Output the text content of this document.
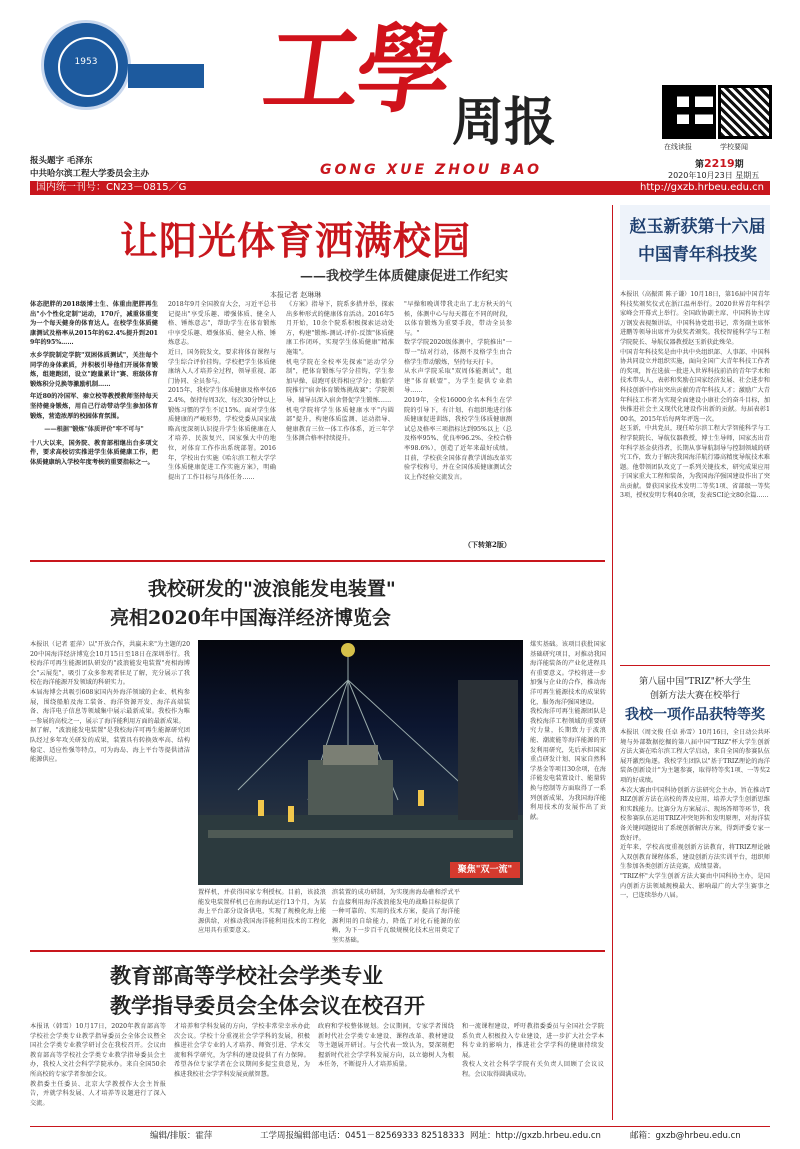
1953	工學
周报
GONG XUE ZHOU BAO
报头题字 毛泽东
中共哈尔滨工程大学委员会主办
在线读报	学校要闻
第2219期
2020年10月23日 星期五
国内统一刊号：CN23－0815／G	http://gxzb.hrbeu.edu.cn
让阳光体育洒满校园
——我校学生体质健康促进工作纪实
本报记者 赵琳琳
体态肥胖的2018级博士生、体重由肥胖再生出"小个性化定制"运动，170斤，减重体重变为一个每天健身的体育达人。在校学生体质健康测试及格率从2015年的62.4%提升到2019年的95%……
水乡学院制定学院"双困体质测试"，关注每个同学的身体素质，并积极引导他们开展体育锻炼，组建跑团，设立"跑量累计"赛、班级体育锻炼积分兑换等激励机制……
年近80的冷国军、秦立校等教授教师坚持每天坚持健身锻炼，用自己行动带动学生参加体育锻炼，营造浓厚的校园体育氛围。
——根据"锻炼"体质评价"牢不可与"
十八大以来，国务院、教育部相继出台多项文件，要求高校切实推进学生体质健康工作，把体质健康纳入学校年度考核的重要指标之一。
2018年9月全国教育大会，习近平总书记提出"享受乐趣、增强体质、健全人格、锤炼意志"，帮助学生在体育锻炼中享受乐趣、增强体质、健全人格、锤炼意志。
近日，国务院发文，要求将体育课程与学生综合评价挂钩。学校把学生体质健康纳入人才培养全过程，领导重视、部门协同、全员参与。
2015年，我校学生体质健康及格率仅62.4%，保持每周3次、每次30分钟以上锻炼习惯的学生不足15%。面对学生体质健康的严峻形势，学校党委从国家战略高度深刻认识提升学生体质健康在人才培养、民族复兴、国家强大中的地位，对体育工作作出系统部署。2016年，学校出台实施《哈尔滨工程大学学生体质健康促进工作实施方案》，明确提出了工作目标与具体任务……
《方案》指导下，院系多措并举，探索出多种形式的健康体育活动。2016年5月开始，10余个院系积极探索运动处方，构建"锻炼-测试-评价-反馈"体质健康工作闭环，实现学生体质健康"精准施策"。
机电学院在全校率先探索"运动学分制"，把体育锻炼与学分挂钩，学生参加早操、晨跑可获得相应学分；船舶学院推行"宿舍体育锻炼挑战赛"；学院领导、辅导员深入宿舍督促学生锻炼……
机电学院将学生体质健康水平"内圆部"提升，构建体质监测、运动指导、健康教育三位一体工作体系，近三年学生体测合格率持续提升。
"早操和晚训带我走出了北方秋天的气候，体测中心与每天都在不同的时段，以体育锻炼为重要手段，带动全员参与。"
数学学院2020级体测中，学院推出"一帮一"结对行动，体测不及格学生由合格学生带动锻炼，坚持每天打卡。
从水声学院采取"双周体能测试"，组建"体育联盟"，为学生提供专业指导……
2019年，全校16000余名本科生在学院的引导下，有计划、有组织地进行体质健康促进训练，我校学生体质健康测试总及格率三项指标达到95%以上（总及格率95%、优良率96.2%、全校合格率98.6%），创造了近年来最好成绩。目前，学校获全国体育教学训练改革实验学校称号，并在全国体质健康测试会议上作经验交流发言。
（下转第2版）
赵玉新获第十六届
中国青年科技奖
本报讯（高振雷 陈子谦）10月18日，第16届中国青年科技奖颁奖仪式在浙江温州举行。2020世界青年科学家峰会开幕式上举行。全国政协副主席、中国科协主席万钢发表视频讲话，中国科协党组书记、常务副主席怀进鹏等领导出席并为获奖者颁奖。我校智能科学与工程学院院长、导航仪器教授赵玉新获此殊荣。
中国青年科技奖是由中共中央组织部、人事部、中国科协共同设立并组织实施，面向全国广大青年科技工作者的奖项，旨在选拔一批进入世界科技前沿的青年学术和技术带头人，表彰和奖励在国家经济发展、社会进步和科技创新中作出突出贡献的青年科技人才；激励广大青年科技工作者为实现全面建设小康社会的奋斗目标，加快推进社会主义现代化建设作出新的贡献。每届表彰100名，2015年后每两年评选一次。
赵玉新，中共党员，现任哈尔滨工程大学智能科学与工程学院院长、导航仪器教授，博士生导师，国家杰出青年科学基金获得者，长期从事导航制导与控制领域的研究工作，致力于解决我国海洋航行器高精度导航技术难题。他带领团队攻克了一系列关键技术，研究成果应用于国家重大工程和装备，为我国海洋强国建设作出了突出贡献。曾获国家技术发明二等奖1项、省部级一等奖3项，授权发明专利40余项，发表SCI论文80余篇……
第八届中国"TRIZ"杯大学生
创新方法大赛在校举行
我校一项作品获特等奖
本报讯（周文俊 任卓 孙雪）10月16日，全日动公共环境与外部数据挖掘的第八届中国"TRIZ"杯大学生创新方法大赛在哈尔滨工程大学启动，来自全国的参赛队伍展开激烈角逐。我校学生团队以"基于TRIZ理论的海洋装备创新设计"为主题参赛，取得特等奖1项、一等奖2项的好成绩。
本次大赛由中国科协创新方法研究会主办，旨在推动TRIZ创新方法在高校的普及应用，培养大学生创新思维和实践能力。比赛分为方案展示、现场答辩等环节，我校参赛队伍运用TRIZ冲突矩阵和发明原理，对海洋装备关键问题提出了系统创新解决方案，得到评委专家一致好评。
近年来，学校高度重视创新方法教育，将TRIZ理论融入双创教育课程体系，建设创新方法实训平台，组织师生参加各类创新方法竞赛，成绩显著。
"TRIZ杯"大学生创新方法大赛由中国科协主办，是国内创新方法领域规模最大、影响最广的大学生赛事之一，已连续举办八届。
我校研发的"波浪能发电装置"
亮相2020年中国海洋经济博览会
本报讯（记者 霍萍）以"开放合作，共赢未来"为主题的2020中国海洋经济博览会10月15日至18日在深圳举行。我校海洋可再生能源团队研发的"波浪能发电装置"亮相海博会"云展览"，吸引了众多参观者驻足了解，充分展示了我校在海洋能源开发领域的科研实力。
本届海博会共吸引608家国内外海洋领域的企业、机构参展，围绕船舶及海工装备、海洋资源开发、海洋高端装备、海洋电子信息等领域集中展示最新成果。我校作为唯一参展的高校之一，展示了海洋能利用方面的最新成果。
据了解，"波浪能发电装置"是我校海洋可再生能源研究团队经过多年攻关研发的成果，装置具有转换效率高、结构稳定、适应性强等特点，可为海岛、海上平台等提供清洁能源供应。
聚焦"双一流"
置样机，并获得国家专利授权。目前，该波浪能发电装置样机已在南海试运行13个月，为某海上平台部分设备供电，实现了规模化海上能源供给，对推动我国海洋能利用技术的工程化应用具有重要意义。
滨装置的成功研制，为实现南海岛礁和浮式平台直接利用海洋波浪能发电的战略目标提供了一种可靠的、实用的技术方案，提高了海洋能源利用的自给能力，降低了对化石能源的依赖，为下一步百千瓦级规模化技术应用奠定了坚实基础。
煤实基础。该项目获批国家基础研究项目，对推动我国海洋能装备的产业化进程具有重要意义。学校将进一步加强与企业的合作，推动海洋可再生能源技术的成果转化，服务海洋强国建设。
我校海洋可再生能源团队是我校海洋工程领域的重要研究力量，长期致力于波浪能、潮流能等海洋能源的开发利用研究，先后承担国家重点研发计划、国家自然科学基金等项目30余项，在海洋能发电装置设计、能量转换与控制等方面取得了一系列创新成果，为我国海洋能利用技术的发展作出了贡献。
教育部高等学校社会学类专业
教学指导委员会全体会议在校召开
本报讯（韩雪）10月17日，2020年教育部高等学校社会学类专业教学指导委员会全体会议暨全国社会学类专业教学研讨会在我校召开。会议由教育部高等学校社会学类专业教学指导委员会主办，我校人文社会科学学院承办。来自全国50余所高校的专家学者参加会议。
教指委主任委员、北京大学教授作大会主旨报告，并就学科发展、人才培养等议题进行了深入交流。
才培养和学科发展的方向，学校非常荣幸承办此次会议。学校十分重视社会学学科的发展，积极推进社会学专业的人才培养、师资引进、学术交流和科学研究，为学科的建设提供了有力保障。希望各位专家学者在会议期间多提宝贵意见，为推进我校社会学学科发展贡献智慧。
政府和学校整体规划。会议期间，专家学者围绕新时代社会学类专业建设、课程改革、教材建设等主题展开研讨。与会代表一致认为，要深刻把握新时代社会学学科发展方向，以立德树人为根本任务，不断提升人才培养质量。
和一流课程建设，呼吁教指委委员与全国社会学院系负责人积极投入专业建设，进一步扩大社会学本科专业的影响力，推进社会学学科的健康持续发展。
我校人文社会科学学院有关负责人回顾了会议议程。会议取得圆满成功。
编辑/排版：霍萍	工学周报编辑部电话：0451－82569333 82518333 网址：http://gxzb.hrbeu.edu.cn	邮箱：gxzb@hrbeu.edu.cn
